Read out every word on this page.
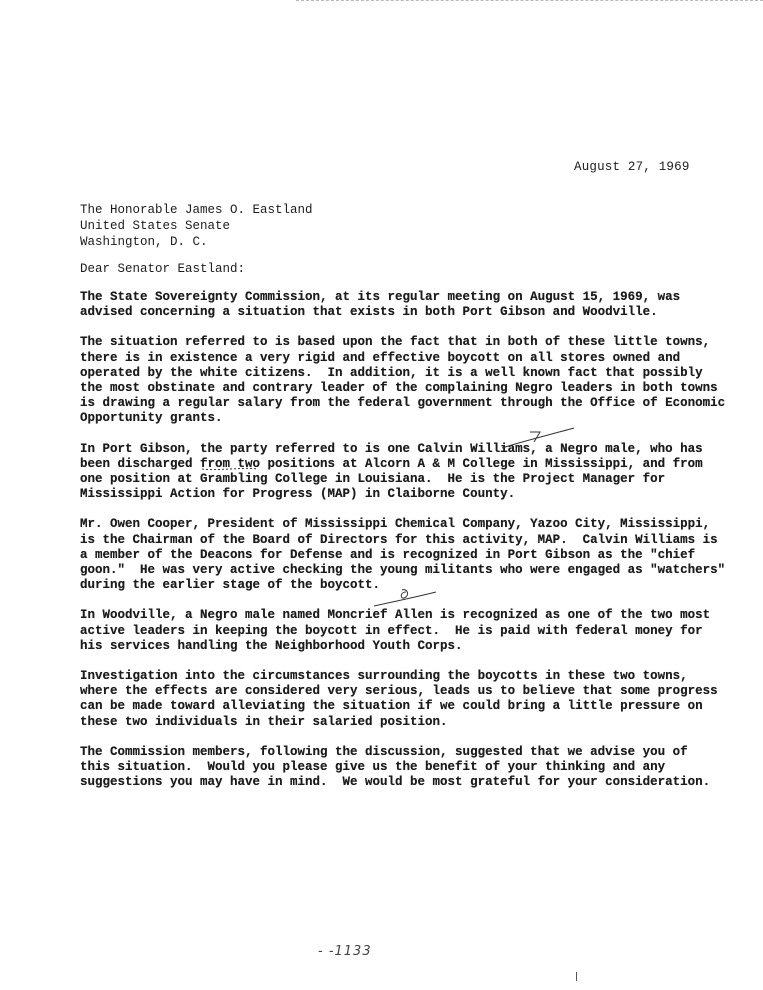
August 27, 1969
The Honorable James O. Eastland
United States Senate
Washington, D. C.
Dear Senator Eastland:
The State Sovereignty Commission, at its regular meeting on August 15, 1969, was
advised concerning a situation that exists in both Port Gibson and Woodville.
The situation referred to is based upon the fact that in both of these little towns,
there is in existence a very rigid and effective boycott on all stores owned and
operated by the white citizens.  In addition, it is a well known fact that possibly
the most obstinate and contrary leader of the complaining Negro leaders in both towns
is drawing a regular salary from the federal government through the Office of Economic
Opportunity grants.
In Port Gibson, the party referred to is one Calvin Williams, a Negro male, who has
been discharged from two positions at Alcorn A & M College in Mississippi, and from
one position at Grambling College in Louisiana.  He is the Project Manager for
Mississippi Action for Progress (MAP) in Claiborne County.
Mr. Owen Cooper, President of Mississippi Chemical Company, Yazoo City, Mississippi,
is the Chairman of the Board of Directors for this activity, MAP.  Calvin Williams is
a member of the Deacons for Defense and is recognized in Port Gibson as the "chief
goon."  He was very active checking the young militants who were engaged as "watchers"
during the earlier stage of the boycott.
In Woodville, a Negro male named Moncrief Allen is recognized as one of the two most
active leaders in keeping the boycott in effect.  He is paid with federal money for
his services handling the Neighborhood Youth Corps.
Investigation into the circumstances surrounding the boycotts in these two towns,
where the effects are considered very serious, leads us to believe that some progress
can be made toward alleviating the situation if we could bring a little pressure on
these two individuals in their salaried position.
The Commission members, following the discussion, suggested that we advise you of
this situation.  Would you please give us the benefit of your thinking and any
suggestions you may have in mind.  We would be most grateful for your consideration.
- -1133
